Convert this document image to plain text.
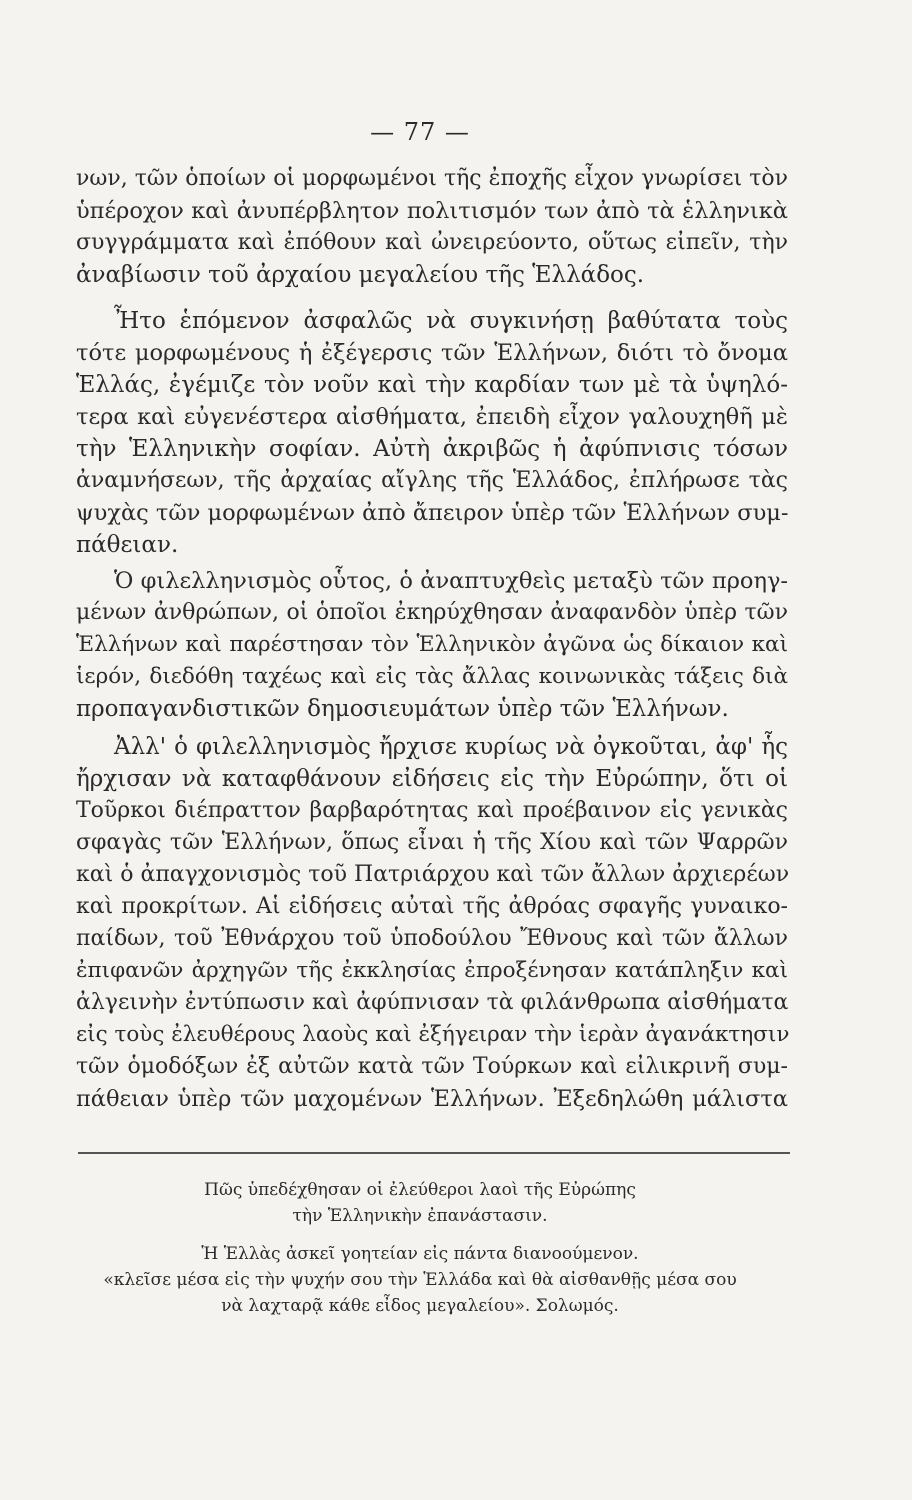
— 77 —
νων, τῶν ὁποίων οἱ μορφωμένοι τῆς ἐποχῆς εἶχον γνωρίσει τὸν
ὑπέροχον καὶ ἀνυπέρβλητον πολιτισμόν των ἀπὸ τὰ ἑλληνικὰ
συγγράμματα καὶ ἐπόθουν καὶ ὠνειρεύοντο, οὕτως εἰπεῖν, τὴν
ἀναβίωσιν τοῦ ἀρχαίου μεγαλείου τῆς Ἑλλάδος.
Ἦτο ἑπόμενον ἀσφαλῶς νὰ συγκινήσῃ βαθύτατα τοὺς
τότε μορφωμένους ἡ ἐξέγερσις τῶν Ἑλλήνων, διότι τὸ ὄνομα
Ἑλλάς, ἐγέμιζε τὸν νοῦν καὶ τὴν καρδίαν των μὲ τὰ ὑψηλό-
τερα καὶ εὐγενέστερα αἰσθήματα, ἐπειδὴ εἶχον γαλουχηθῆ μὲ
τὴν Ἑλληνικὴν σοφίαν. Αὐτὴ ἀκριβῶς ἡ ἀφύπνισις τόσων
ἀναμνήσεων, τῆς ἀρχαίας αἴγλης τῆς Ἑλλάδος, ἐπλήρωσε τὰς
ψυχὰς τῶν μορφωμένων ἀπὸ ἄπειρον ὑπὲρ τῶν Ἑλλήνων συμ-
πάθειαν.
Ὁ φιλελληνισμὸς οὗτος, ὁ ἀναπτυχθεὶς μεταξὺ τῶν προηγ-
μένων ἀνθρώπων, οἱ ὁποῖοι ἐκηρύχθησαν ἀναφανδὸν ὑπὲρ τῶν
Ἑλλήνων καὶ παρέστησαν τὸν Ἑλληνικὸν ἀγῶνα ὡς δίκαιον καὶ
ἱερόν, διεδόθη ταχέως καὶ εἰς τὰς ἄλλας κοινωνικὰς τάξεις διὰ
προπαγανδιστικῶν δημοσιευμάτων ὑπὲρ τῶν Ἑλλήνων.
Ἀλλ' ὁ φιλελληνισμὸς ἤρχισε κυρίως νὰ ὀγκοῦται, ἀφ' ἧς
ἤρχισαν νὰ καταφθάνουν εἰδήσεις εἰς τὴν Εὐρώπην, ὅτι οἱ
Τοῦρκοι διέπραττον βαρβαρότητας καὶ προέβαινον εἰς γενικὰς
σφαγὰς τῶν Ἑλλήνων, ὅπως εἶναι ἡ τῆς Χίου καὶ τῶν Ψαρρῶν
καὶ ὁ ἀπαγχονισμὸς τοῦ Πατριάρχου καὶ τῶν ἄλλων ἀρχιερέων
καὶ προκρίτων. Αἱ εἰδήσεις αὐταὶ τῆς ἀθρόας σφαγῆς γυναικο-
παίδων, τοῦ Ἐθνάρχου τοῦ ὑποδούλου Ἔθνους καὶ τῶν ἄλλων
ἐπιφανῶν ἀρχηγῶν τῆς ἐκκλησίας ἐπροξένησαν κατάπληξιν καὶ
ἀλγεινὴν ἐντύπωσιν καὶ ἀφύπνισαν τὰ φιλάνθρωπα αἰσθήματα
εἰς τοὺς ἐλευθέρους λαοὺς καὶ ἐξήγειραν τὴν ἱερὰν ἀγανάκτησιν
τῶν ὁμοδόξων ἐξ αὐτῶν κατὰ τῶν Τούρκων καὶ εἰλικρινῆ συμ-
πάθειαν ὑπὲρ τῶν μαχομένων Ἑλλήνων. Ἐξεδηλώθη μάλιστα
Πῶς ὑπεδέχθησαν οἱ ἐλεύθεροι λαοὶ τῆς Εὐρώπης
τὴν Ἑλληνικὴν ἐπανάστασιν.
Ἡ Ἑλλὰς ἀσκεῖ γοητείαν εἰς πάντα διανοούμενον.
«κλεῖσε μέσα εἰς τὴν ψυχήν σου τὴν Ἑλλάδα καὶ θὰ αἰσθανθῇς μέσα σου
νὰ λαχταρᾷ κάθε εἶδος μεγαλείου». Σολωμός.
